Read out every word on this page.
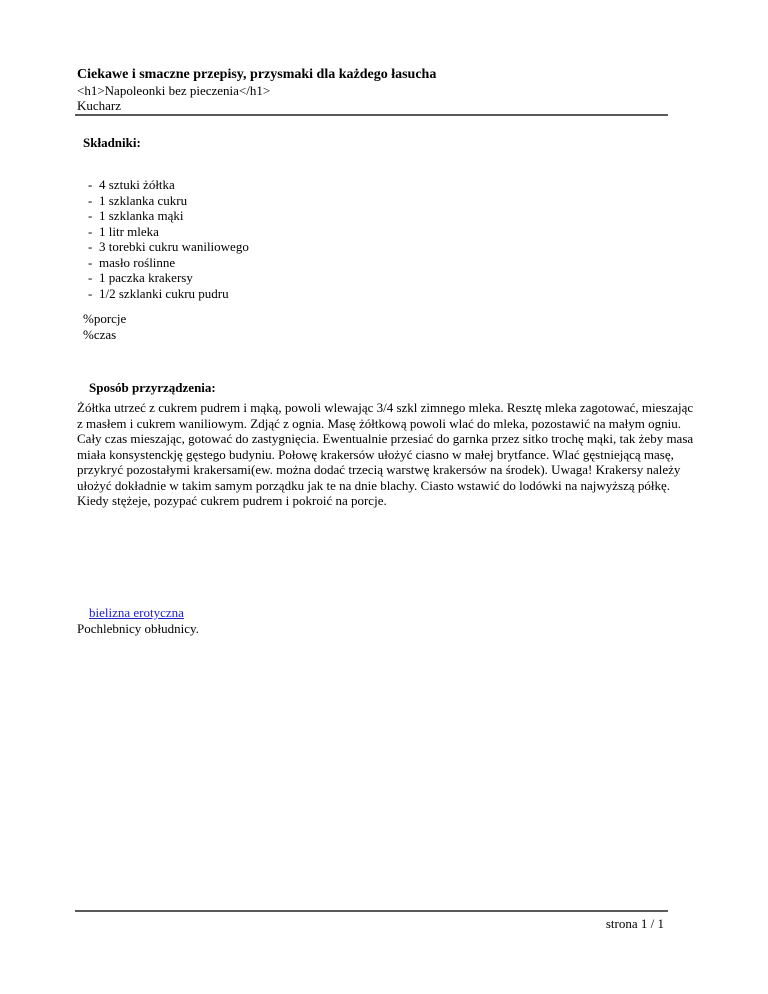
Ciekawe i smaczne przepisy, przysmaki dla każdego łasucha
<h1>Napoleonki bez pieczenia</h1>
Kucharz
Składniki:
- 4 sztuki żółtka
- 1 szklanka cukru
- 1 szklanka mąki
- 1 litr mleka
- 3 torebki cukru waniliowego
- masło roślinne
- 1 paczka krakersy
- 1/2 szklanki cukru pudru
%porcje
%czas
Sposób przyrządzenia:

Żółtka utrzeć z cukrem pudrem i mąką, powoli wlewając 3/4 szkl zimnego mleka. Resztę mleka zagotować, mieszając z masłem i cukrem waniliowym. Zdjąć z ognia. Masę żółtkową powoli wlać do mleka, pozostawić na małym ogniu. Cały czas mieszając, gotować do zastygnięcia. Ewentualnie przesiać do garnka przez sitko trochę mąki, tak żeby masa miała konsystenckję gęstego budyniu. Połowę krakersów ułożyć ciasno w małej brytfance. Wlać gęstniejącą masę, przykryć pozostałymi krakersami(ew. można dodać trzecią warstwę krakersów na środek). Uwaga! Krakersy należy ułożyć dokładnie w takim samym porządku jak te na dnie blachy. Ciasto wstawić do lodówki na najwyższą półkę. Kiedy stężeje, pozypać cukrem pudrem i pokroić na porcje.

bielizna erotyczna
Pochlebnicy obłudnicy.
strona 1 / 1
